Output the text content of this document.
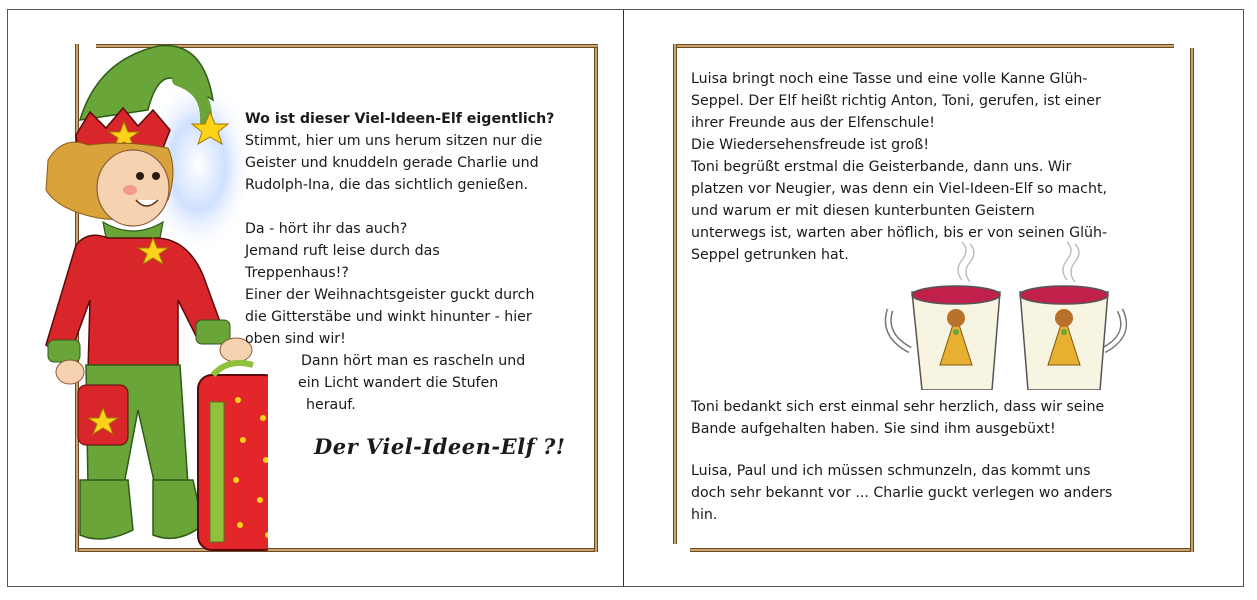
Wo ist dieser Viel-Ideen-Elf eigentlich?
Stimmt, hier um uns herum sitzen nur die
Geister und knuddeln gerade Charlie und
Rudolph-Ina, die das sichtlich genießen.
Da - hört ihr das auch?
Jemand ruft leise durch das
Treppenhaus!?
Einer der Weihnachtsgeister guckt durch
die Gitterstäbe und winkt hinunter - hier
oben sind wir!
Dann hört man es rascheln und
ein Licht wandert die Stufen
herauf.
Der Viel-Ideen-Elf ?!
Luisa bringt noch eine Tasse und eine volle Kanne Glüh-
Seppel. Der Elf heißt richtig Anton, Toni, gerufen, ist einer
ihrer Freunde aus der Elfenschule!
Die Wiedersehensfreude ist groß!
Toni begrüßt erstmal die Geisterbande, dann uns. Wir
platzen vor Neugier, was denn ein Viel-Ideen-Elf so macht,
und warum er mit diesen kunterbunten Geistern
unterwegs ist, warten aber höflich, bis er von seinen Glüh-
Seppel getrunken hat.
Toni bedankt sich erst einmal sehr herzlich, dass wir seine
Bande aufgehalten haben. Sie sind ihm ausgebüxt!
Luisa, Paul und ich müssen schmunzeln, das kommt uns
doch sehr bekannt vor ... Charlie guckt verlegen wo anders
hin.
